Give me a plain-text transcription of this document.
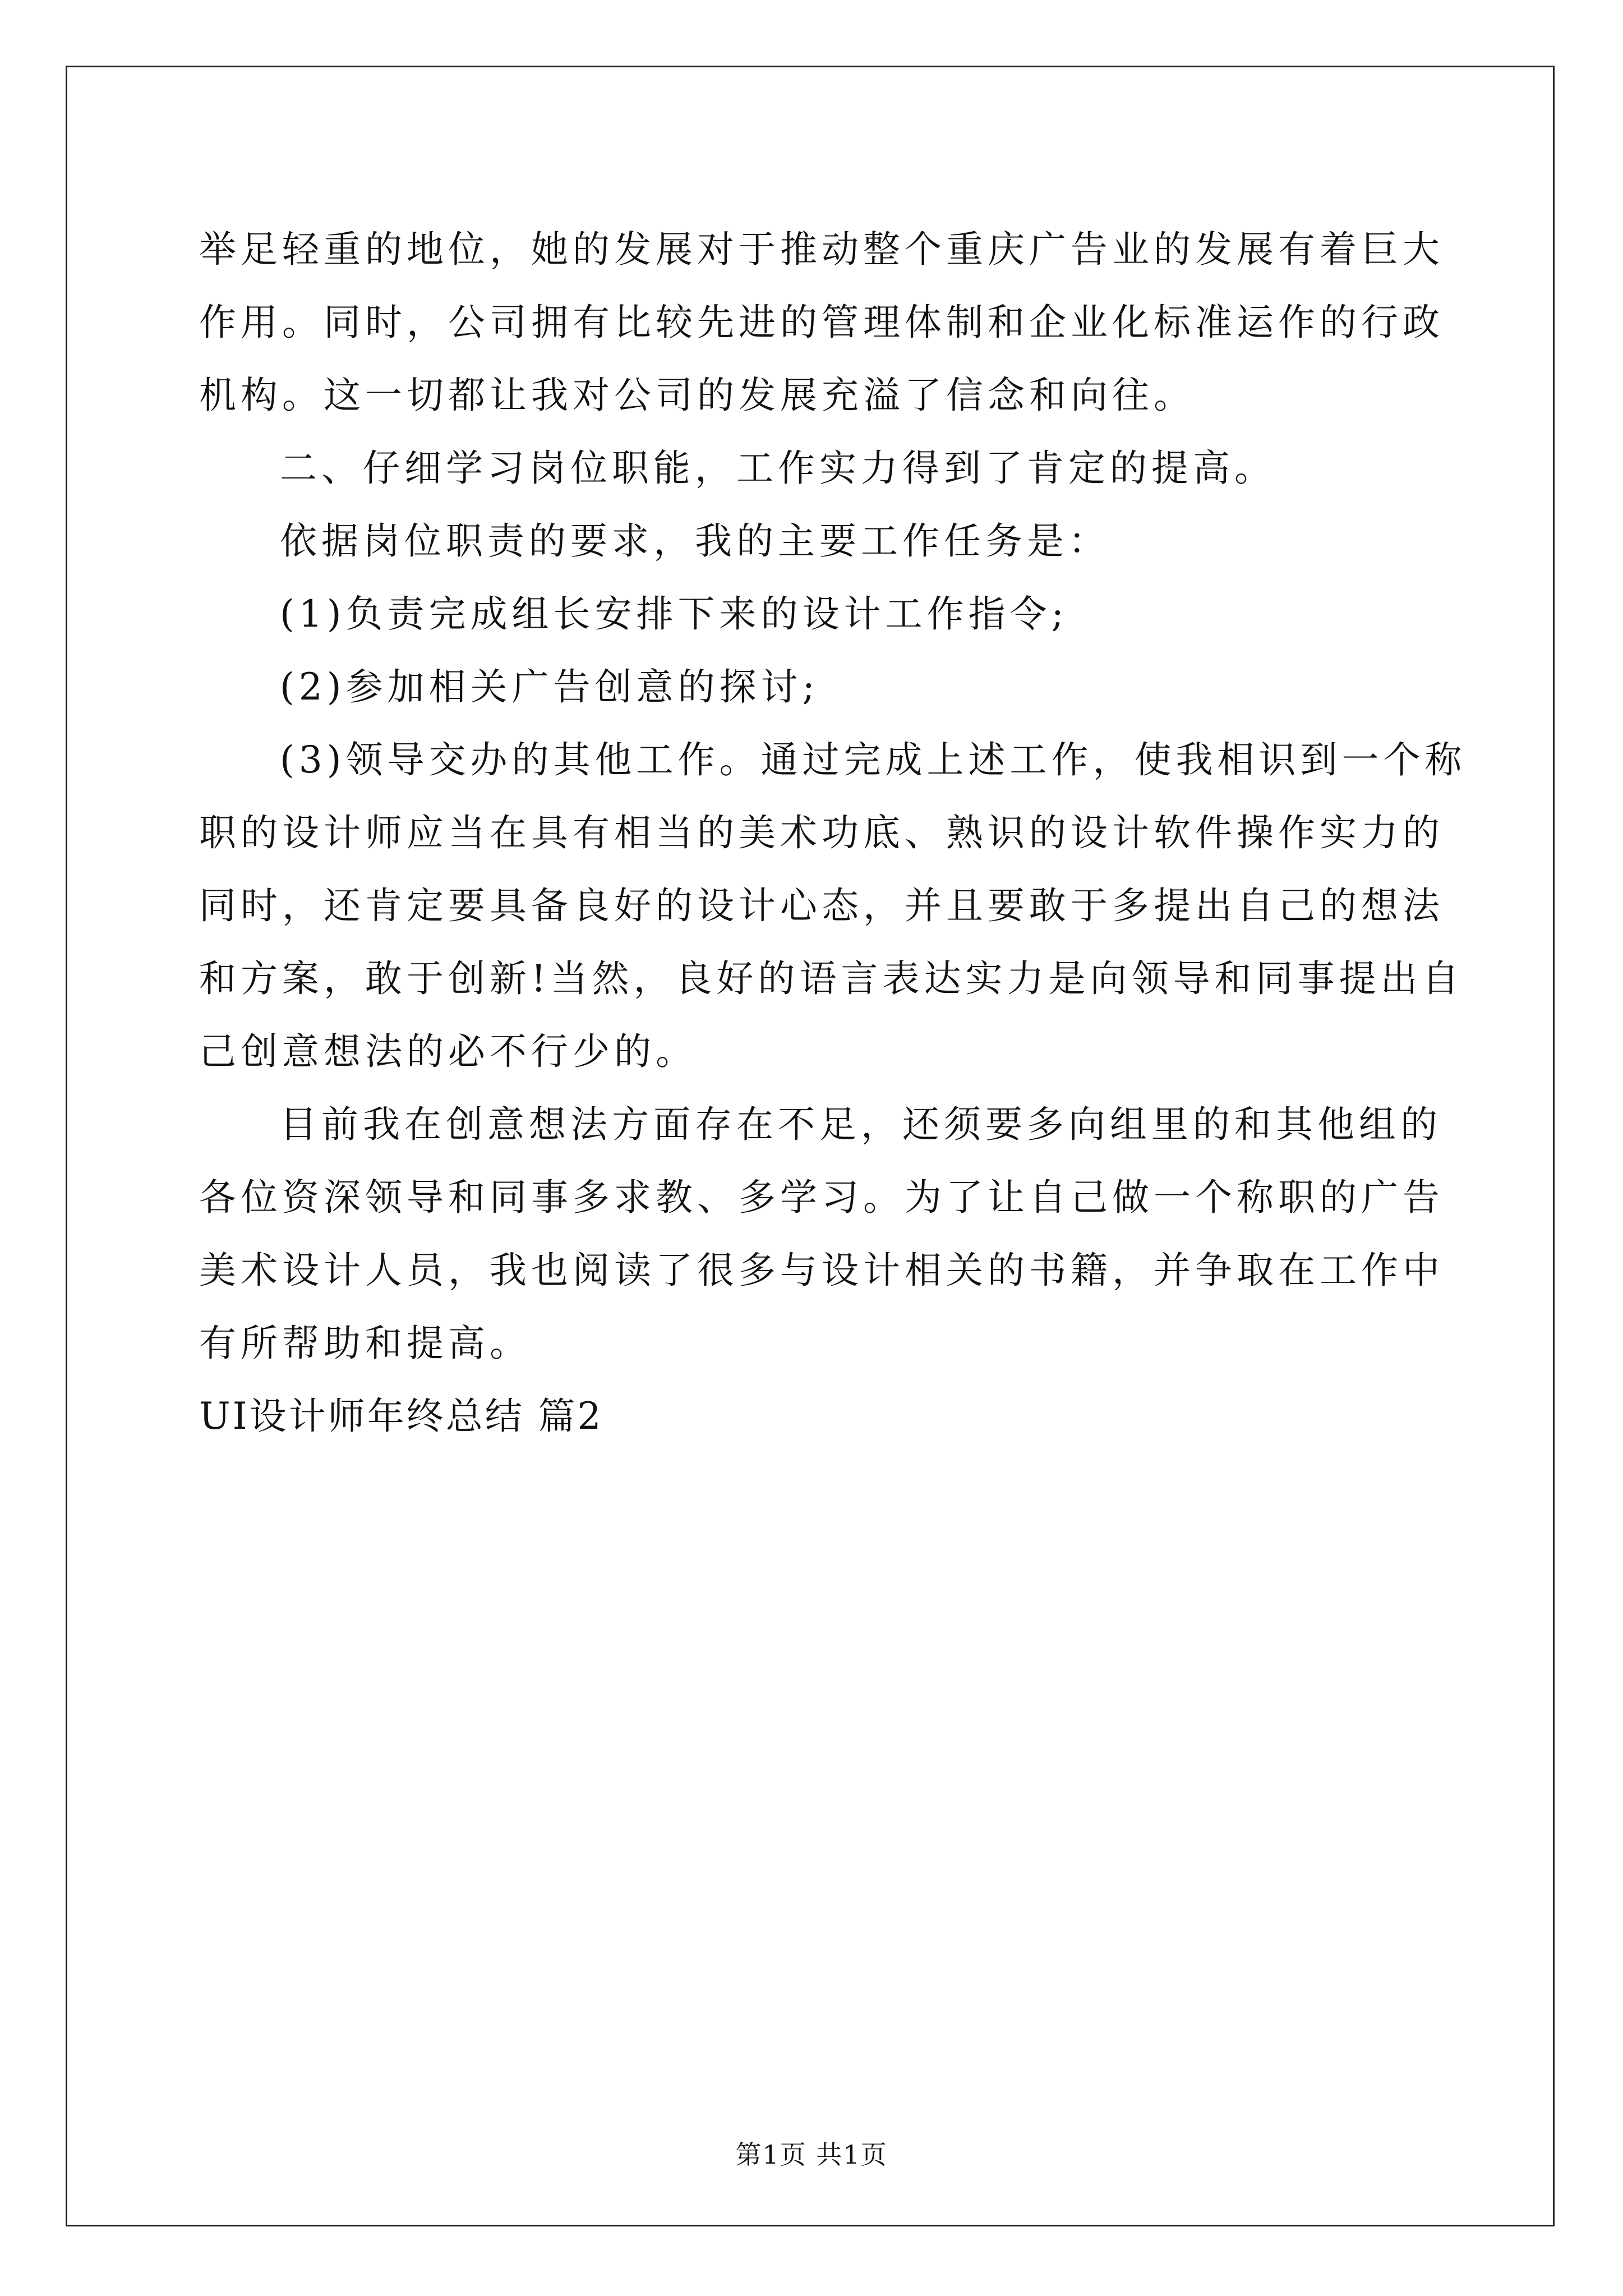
举足轻重的地位，她的发展对于推动整个重庆广告业的发展有着巨大
作用。同时，公司拥有比较先进的管理体制和企业化标准运作的行政
机构。这一切都让我对公司的发展充溢了信念和向往。
二、仔细学习岗位职能，工作实力得到了肯定的提高。
依据岗位职责的要求，我的主要工作任务是：
(1)负责完成组长安排下来的设计工作指令;
(2)参加相关广告创意的探讨;
(3)领导交办的其他工作。通过完成上述工作，使我相识到一个称
职的设计师应当在具有相当的美术功底、熟识的设计软件操作实力的
同时，还肯定要具备良好的设计心态，并且要敢于多提出自己的想法
和方案，敢于创新!当然，良好的语言表达实力是向领导和同事提出自
己创意想法的必不行少的。
目前我在创意想法方面存在不足，还须要多向组里的和其他组的
各位资深领导和同事多求教、多学习。为了让自己做一个称职的广告
美术设计人员，我也阅读了很多与设计相关的书籍，并争取在工作中
有所帮助和提高。
UI设计师年终总结 篇2
第1页 共1页
